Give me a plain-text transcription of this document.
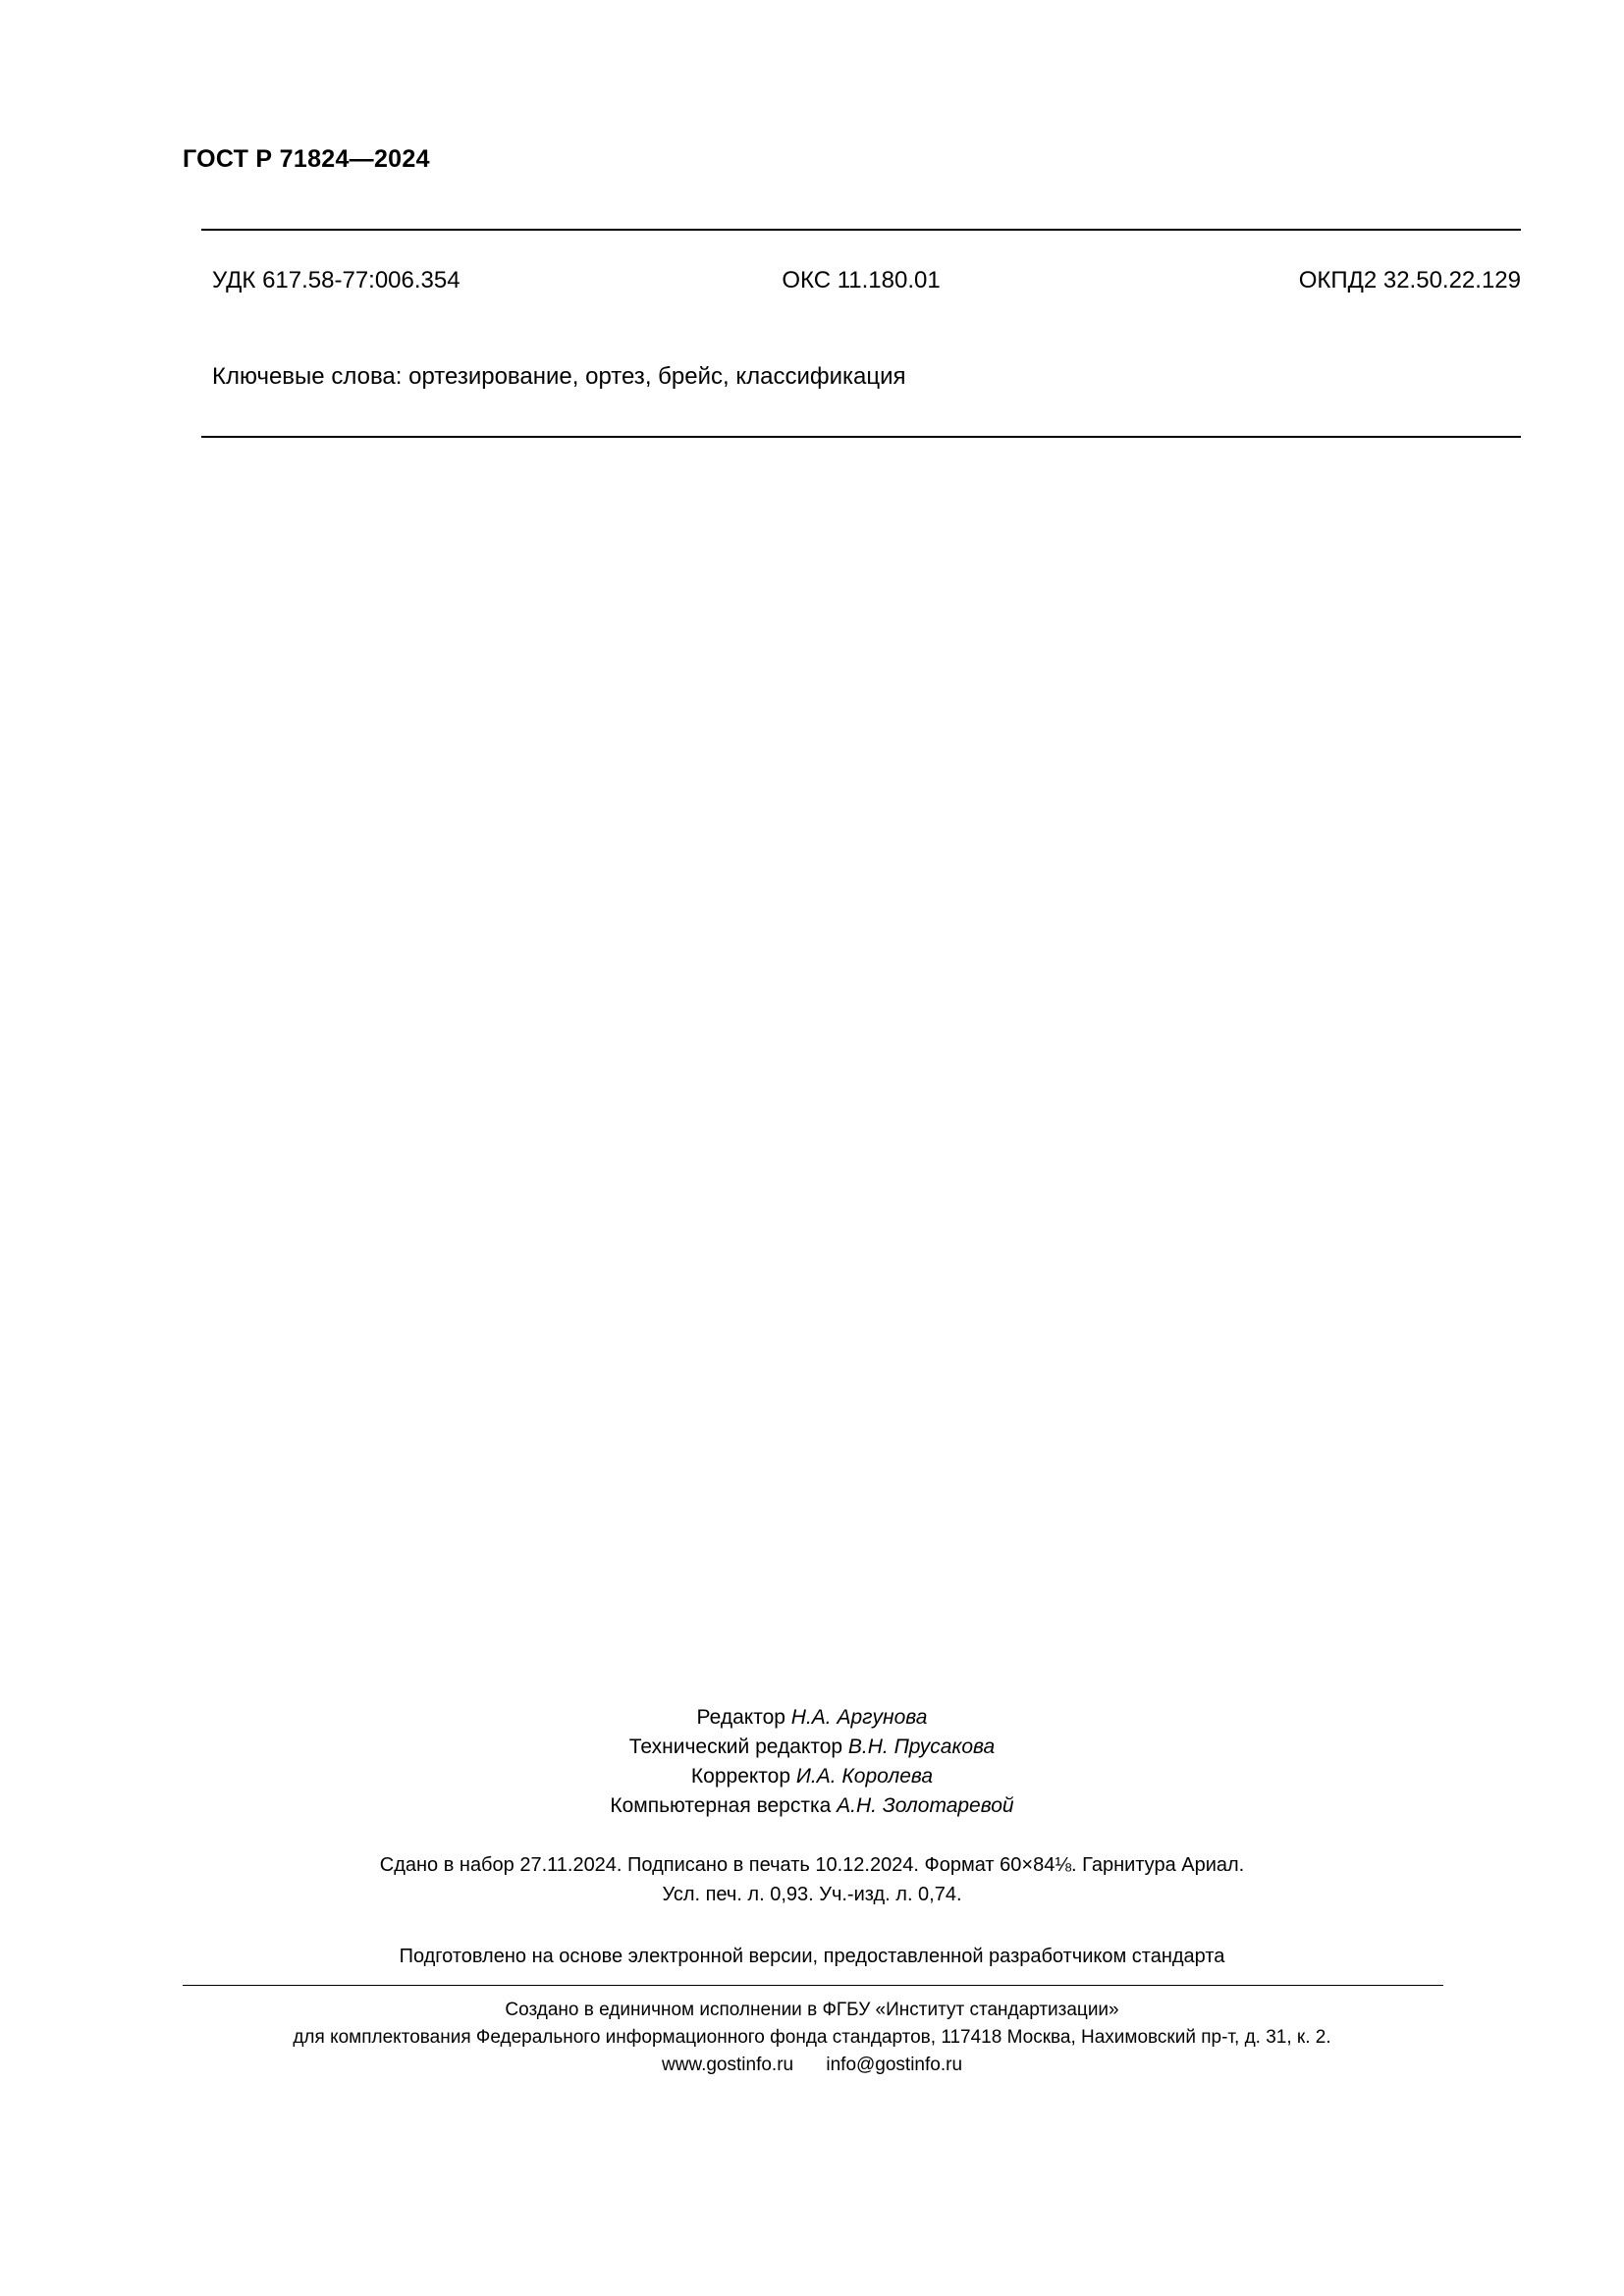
ГОСТ Р 71824—2024
УДК 617.58-77:006.354	ОКС 11.180.01	ОКПД2 32.50.22.129
Ключевые слова: ортезирование, ортез, брейс, классификация
Редактор Н.А. Аргунова
Технический редактор В.Н. Прусакова
Корректор И.А. Королева
Компьютерная верстка А.Н. Золотаревой
Сдано в набор 27.11.2024. Подписано в печать 10.12.2024. Формат 60×84⅛. Гарнитура Ариал.
Усл. печ. л. 0,93. Уч.-изд. л. 0,74.
Подготовлено на основе электронной версии, предоставленной разработчиком стандарта
Создано в единичном исполнении в ФГБУ «Институт стандартизации»
для комплектования Федерального информационного фонда стандартов, 117418 Москва, Нахимовский пр-т, д. 31, к. 2.
www.gostinfo.ru info@gostinfo.ru
